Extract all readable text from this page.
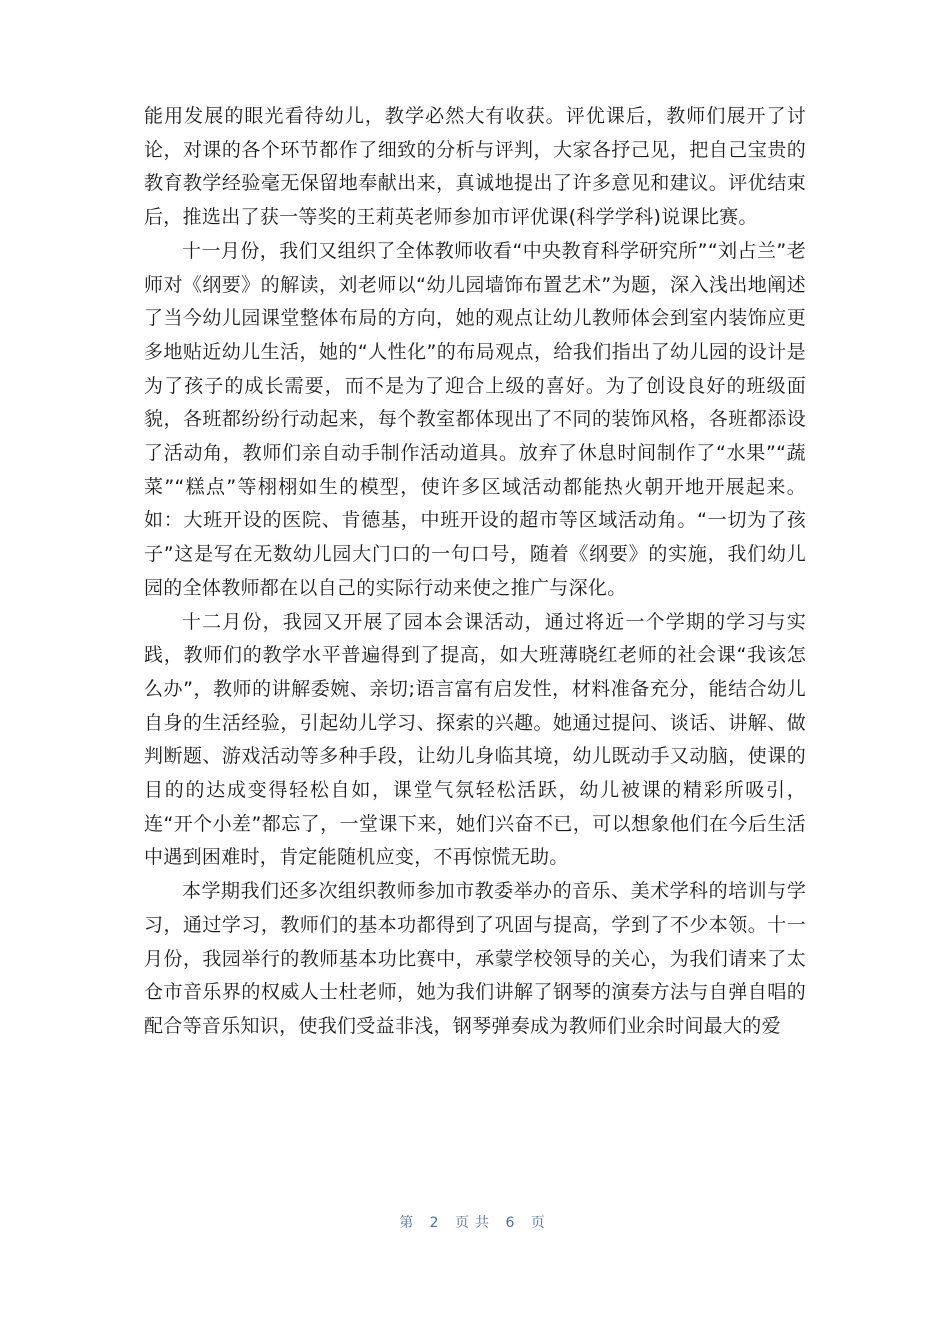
能用发展的眼光看待幼儿，教学必然大有收获。评优课后，教师们展开了讨论，对课的各个环节都作了细致的分析与评判，大家各抒己见，把自己宝贵的教育教学经验毫无保留地奉献出来，真诚地提出了许多意见和建议。评优结束后，推选出了获一等奖的王莉英老师参加市评优课(科学学科)说课比赛。

十一月份，我们又组织了全体教师收看“中央教育科学研究所”“刘占兰”老师对《纲要》的解读，刘老师以“幼儿园墙饰布置艺术”为题，深入浅出地阐述了当今幼儿园课堂整体布局的方向，她的观点让幼儿教师体会到室内装饰应更多地贴近幼儿生活，她的“人性化”的布局观点，给我们指出了幼儿园的设计是为了孩子的成长需要，而不是为了迎合上级的喜好。为了创设良好的班级面貌，各班都纷纷行动起来，每个教室都体现出了不同的装饰风格，各班都添设了活动角，教师们亲自动手制作活动道具。放弃了休息时间制作了“水果”“蔬菜”“糕点”等栩栩如生的模型，使许多区域活动都能热火朝开地开展起来。如：大班开设的医院、肯德基，中班开设的超市等区域活动角。“一切为了孩子”这是写在无数幼儿园大门口的一句口号，随着《纲要》的实施，我们幼儿园的全体教师都在以自己的实际行动来使之推广与深化。

十二月份，我园又开展了园本会课活动，通过将近一个学期的学习与实践，教师们的教学水平普遍得到了提高，如大班薄晓红老师的社会课“我该怎么办”，教师的讲解委婉、亲切;语言富有启发性，材料准备充分，能结合幼儿自身的生活经验，引起幼儿学习、探索的兴趣。她通过提问、谈话、讲解、做判断题、游戏活动等多种手段，让幼儿身临其境，幼儿既动手又动脑，使课的目的的达成变得轻松自如，课堂气氛轻松活跃，幼儿被课的精彩所吸引，连“开个小差”都忘了，一堂课下来，她们兴奋不已，可以想象他们在今后生活中遇到困难时，肯定能随机应变，不再惊慌无助。

本学期我们还多次组织教师参加市教委举办的音乐、美术学科的培训与学习，通过学习，教师们的基本功都得到了巩固与提高，学到了不少本领。十一月份，我园举行的教师基本功比赛中，承蒙学校领导的关心，为我们请来了太仓市音乐界的权威人士杜老师，她为我们讲解了钢琴的演奏方法与自弹自唱的配合等音乐知识，使我们受益非浅，钢琴弹奏成为教师们业余时间最大的爱

第 2 页共 6 页
